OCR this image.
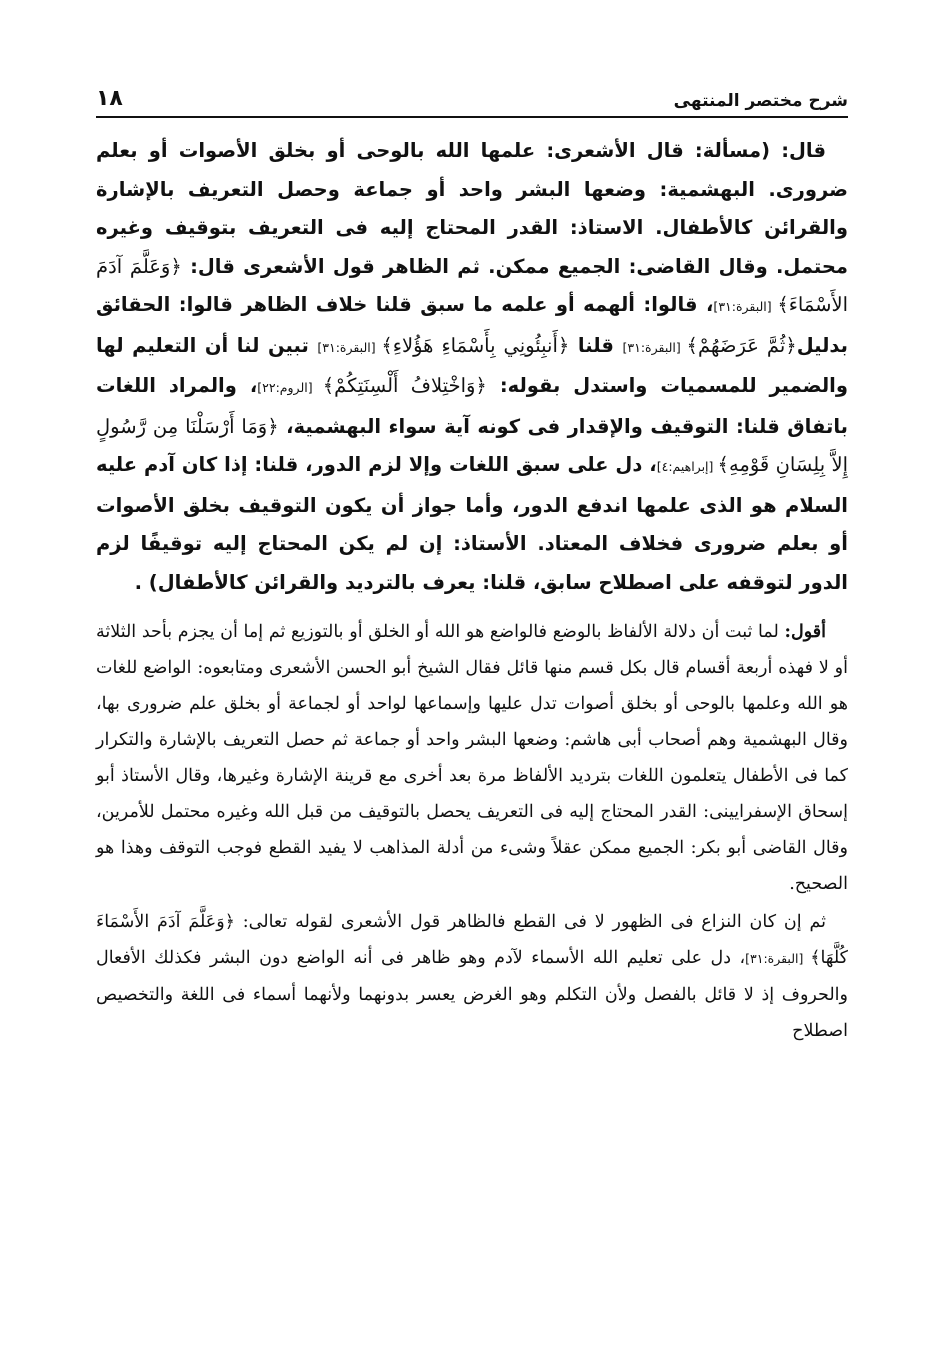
شرح مختصر المنتهى
١٨

قال: (مسألة: قال الأشعرى: علمها الله بالوحى أو بخلق الأصوات أو بعلم ضرورى. البهشمية: وضعها البشر واحد أو جماعة وحصل التعريف بالإشارة والقرائن كالأطفال. الاستاذ: القدر المحتاج إليه فى التعريف بتوقيف وغيره محتمل. وقال القاضى: الجميع ممكن. ثم الظاهر قول الأشعرى قال: ﴿وَعَلَّمَ آدَمَ الأَسْمَاءَ﴾ [البقرة:٣١]، قالوا: ألهمه أو علمه ما سبق قلنا خلاف الظاهر قالوا: الحقائق بدليل﴿ثُمَّ عَرَضَهُمْ﴾ [البقرة:٣١] قلنا ﴿أَنبِئُونِي بِأَسْمَاءِ هَؤُلاءِ﴾ [البقرة:٣١] تبين لنا أن التعليم لها والضمير للمسميات واستدل بقوله: ﴿وَاخْتِلافُ أَلْسِنَتِكُمْ﴾ [الروم:٢٢]، والمراد اللغات باتفاق قلنا: التوقيف والإقدار فى كونه آية سواء البهشمية، ﴿وَمَا أَرْسَلْنَا مِن رَّسُولٍ إِلاَّ بِلِسَانِ قَوْمِهِ﴾ [إبراهيم:٤]، دل على سبق اللغات وإلا لزم الدور، قلنا: إذا كان آدم عليه السلام هو الذى علمها اندفع الدور، وأما جواز أن يكون التوقيف بخلق الأصوات أو بعلم ضرورى فخلاف المعتاد. الأستاذ: إن لم يكن المحتاج إليه توقيفًا لزم الدور لتوقفه على اصطلاح سابق، قلنا: يعرف بالترديد والقرائن كالأطفال) .

أقول: لما ثبت أن دلالة الألفاظ بالوضع فالواضع هو الله أو الخلق أو بالتوزيع ثم إما أن يجزم بأحد الثلاثة أو لا فهذه أربعة أقسام قال بكل قسم منها قائل فقال الشيخ أبو الحسن الأشعرى ومتابعوه: الواضع للغات هو الله وعلمها بالوحى أو بخلق أصوات تدل عليها وإسماعها لواحد أو لجماعة أو بخلق علم ضرورى بها، وقال البهشمية وهم أصحاب أبى هاشم: وضعها البشر واحد أو جماعة ثم حصل التعريف بالإشارة والتكرار كما فى الأطفال يتعلمون اللغات بترديد الألفاظ مرة بعد أخرى مع قرينة الإشارة وغيرها، وقال الأستاذ أبو إسحاق الإسفرايينى: القدر المحتاج إليه فى التعريف يحصل بالتوقيف من قبل الله وغيره محتمل للأمرين، وقال القاضى أبو بكر: الجميع ممكن عقلاً وشىء من أدلة المذاهب لا يفيد القطع فوجب التوقف وهذا هو الصحيح.

ثم إن كان النزاع فى الظهور لا فى القطع فالظاهر قول الأشعرى لقوله تعالى: ﴿وَعَلَّمَ آدَمَ الأَسْمَاءَ كُلَّهَا﴾ [البقرة:٣١]، دل على تعليم الله الأسماء لآدم وهو ظاهر فى أنه الواضع دون البشر فكذلك الأفعال والحروف إذ لا قائل بالفصل ولأن التكلم وهو الغرض يعسر بدونهما ولأنهما أسماء فى اللغة والتخصيص اصطلاح
